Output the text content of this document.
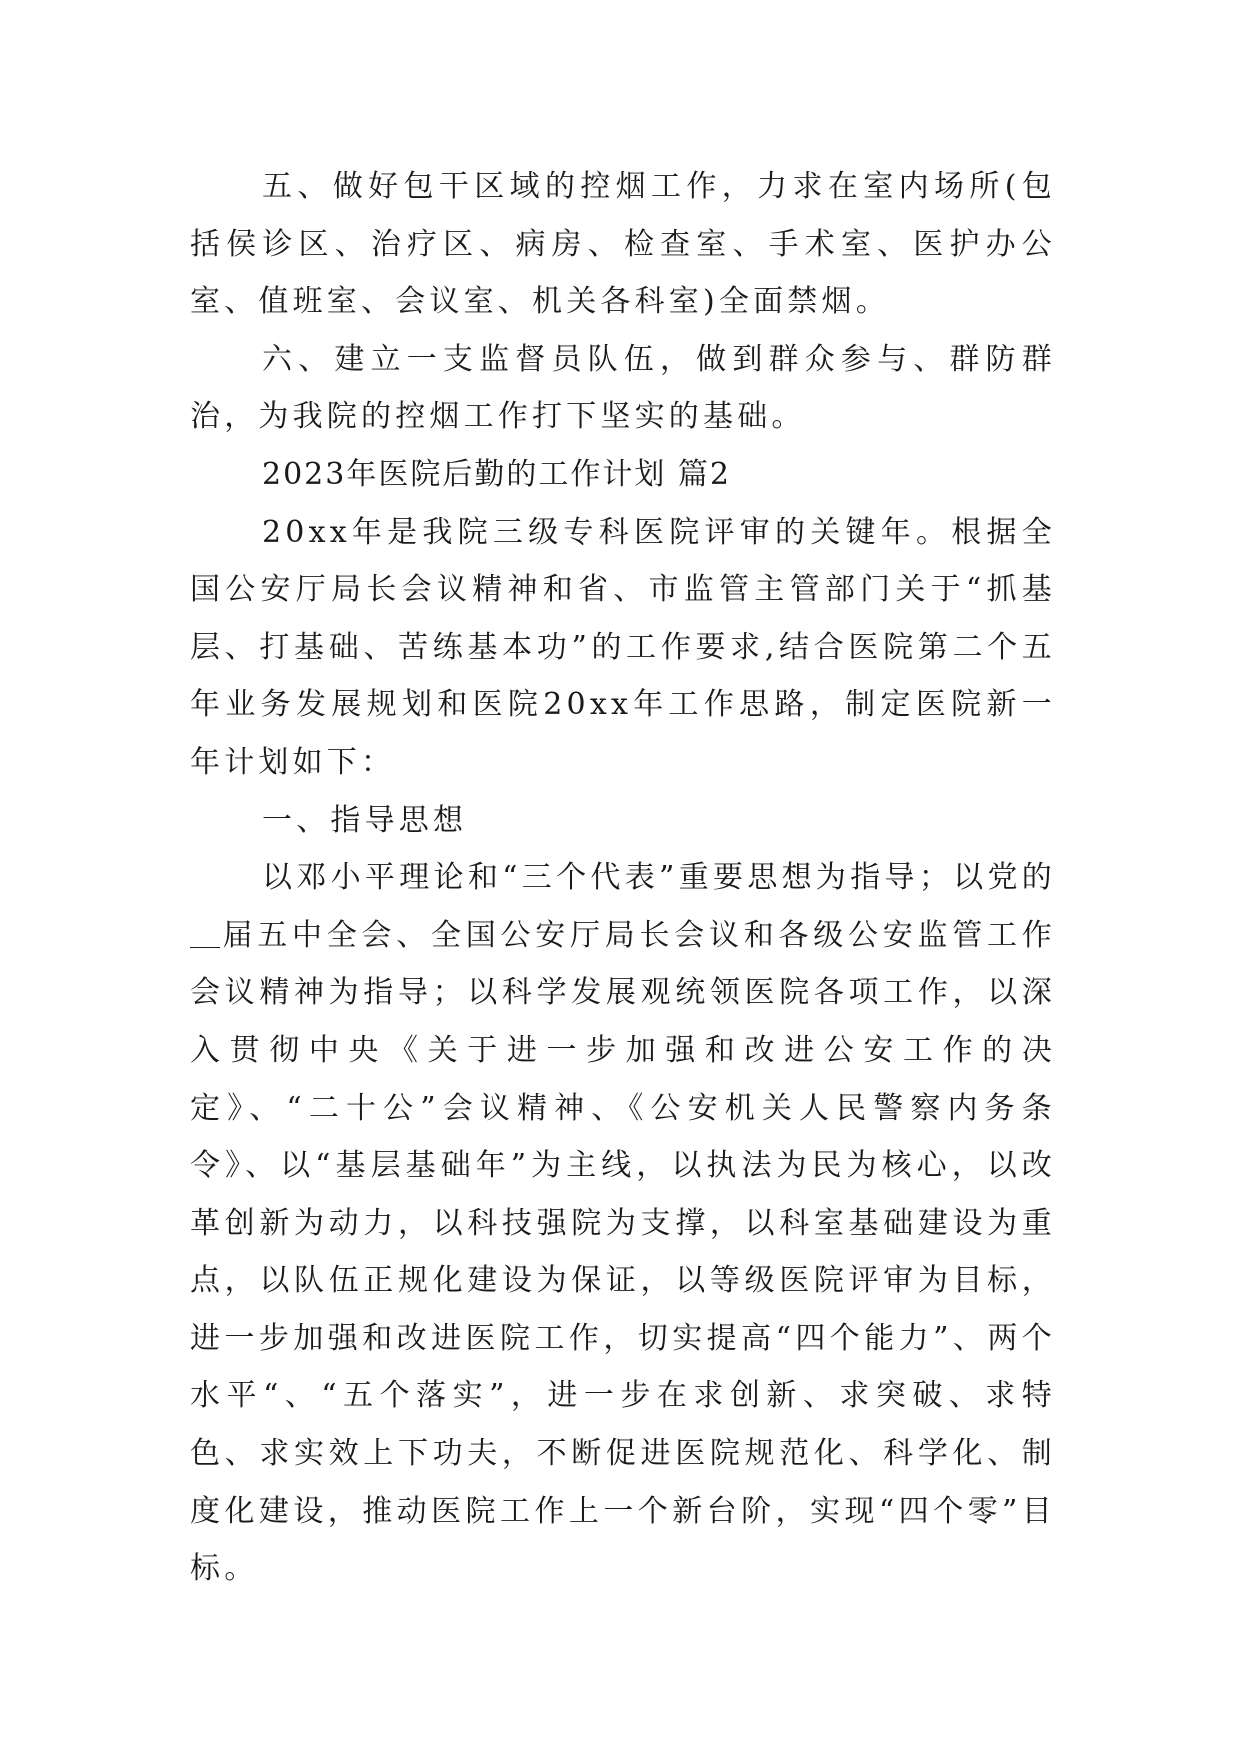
五、做好包干区域的控烟工作，力求在室内场所(包括侯诊区、治疗区、病房、检查室、手术室、医护办公室、值班室、会议室、机关各科室)全面禁烟。

六、建立一支监督员队伍，做到群众参与、群防群治，为我院的控烟工作打下坚实的基础。

2023年医院后勤的工作计划 篇2

20xx年是我院三级专科医院评审的关键年。根据全国公安厅局长会议精神和省、市监管主管部门关于“抓基层、打基础、苦练基本功”的工作要求,结合医院第二个五年业务发展规划和医院20xx年工作思路，制定医院新一年计划如下：

一、指导思想

以邓小平理论和“三个代表”重要思想为指导；以党的届五中全会、全国公安厅局长会议和各级公安监管工作会议精神为指导；以科学发展观统领医院各项工作，以深入贯彻中央《关于进一步加强和改进公安工作的决定》、“二十公”会议精神、《公安机关人民警察内务条令》、以“基层基础年”为主线，以执法为民为核心，以改革创新为动力，以科技强院为支撑，以科室基础建设为重点，以队伍正规化建设为保证，以等级医院评审为目标，进一步加强和改进医院工作，切实提高“四个能力”、两个水平“、“五个落实”，进一步在求创新、求突破、求特色、求实效上下功夫，不断促进医院规范化、科学化、制度化建设，推动医院工作上一个新台阶，实现“四个零”目标。
